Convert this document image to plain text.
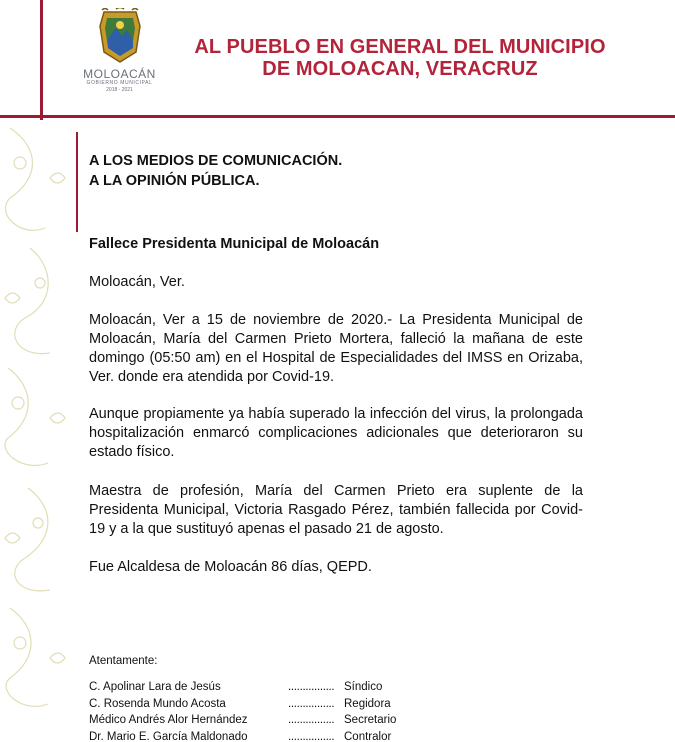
MOLOACÁN
GOBIERNO MUNICIPAL
2018 - 2021
AL PUEBLO EN GENERAL DEL MUNICIPIO
DE MOLOACAN, VERACRUZ
A LOS MEDIOS DE COMUNICACIÓN.
A LA OPINIÓN PÚBLICA.
Fallece Presidenta Municipal de Moloacán
Moloacán, Ver.
Moloacán, Ver a 15 de noviembre de 2020.- La Presidenta Municipal de Moloacán, María del Carmen Prieto Mortera, falleció la mañana de este domingo (05:50 am) en el Hospital de Especialidades del IMSS en Orizaba, Ver. donde era atendida por Covid-19.
Aunque propiamente ya había superado la infección del virus, la prolongada hospitalización enmarcó complicaciones adicionales que deterioraron su estado físico.
Maestra de profesión, María del Carmen Prieto era suplente de la Presidenta Municipal, Victoria Rasgado Pérez, también fallecida por Covid-19 y a la que sustituyó apenas el pasado 21 de agosto.
Fue Alcaldesa de Moloacán 86 días, QEPD.
Atentamente:
C. Apolinar Lara de Jesús	................ Síndico
C. Rosenda Mundo Acosta	................ Regidora
Médico Andrés Alor Hernández	................ Secretario
Dr. Mario E. García Maldonado	................ Contralor
